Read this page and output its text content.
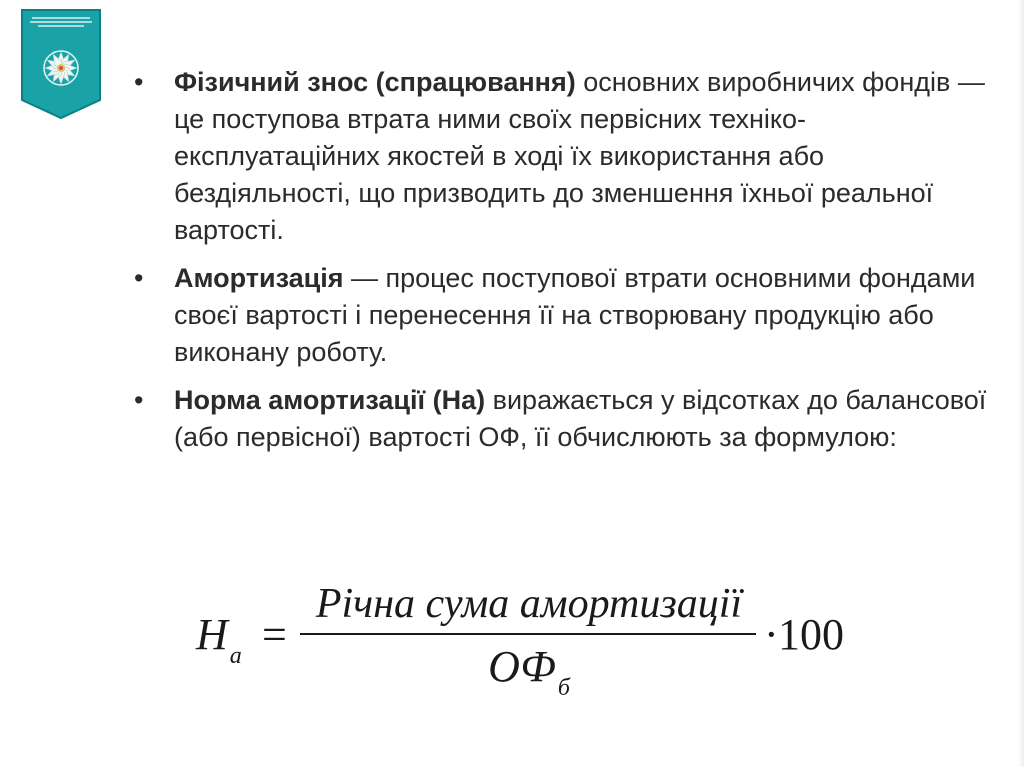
• Фізичний знос (спрацювання) основних виробничих фондів — це поступова втрата ними своїх первісних техніко-експлуатаційних якостей в ході їх використання або бездіяльності, що призводить до зменшення їхньої реальної вартості.
• Амортизація — процес поступової втрати основними фондами своєї вартості і перенесення її на створювану продукцію або виконану роботу.
• Норма амортизації (На) виражається у відсотках до балансової (або первісної) вартості ОФ, її обчислюють за формулою:
$Н_а$ =
Річна сума амортизації
$ОФ_б$
· 100
